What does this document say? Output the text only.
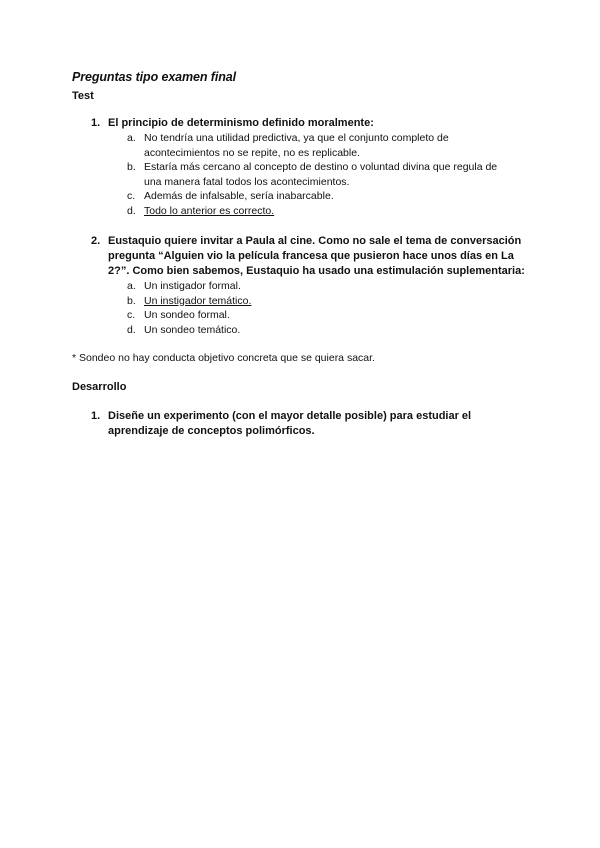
Preguntas tipo examen final
Test
1. El principio de determinismo definido moralmente:
a. No tendría una utilidad predictiva, ya que el conjunto completo de acontecimientos no se repite, no es replicable.
b. Estaría más cercano al concepto de destino o voluntad divina que regula de una manera fatal todos los acontecimientos.
c. Además de infalsable, sería inabarcable.
d. Todo lo anterior es correcto.
2. Eustaquio quiere invitar a Paula al cine. Como no sale el tema de conversación pregunta “Alguien vio la película francesa que pusieron hace unos días en La 2?”. Como bien sabemos, Eustaquio ha usado una estimulación suplementaria:
a. Un instigador formal.
b. Un instigador temático.
c. Un sondeo formal.
d. Un sondeo temático.
* Sondeo no hay conducta objetivo concreta que se quiera sacar.
Desarrollo
1. Diseñe un experimento (con el mayor detalle posible) para estudiar el aprendizaje de conceptos polimórficos.
